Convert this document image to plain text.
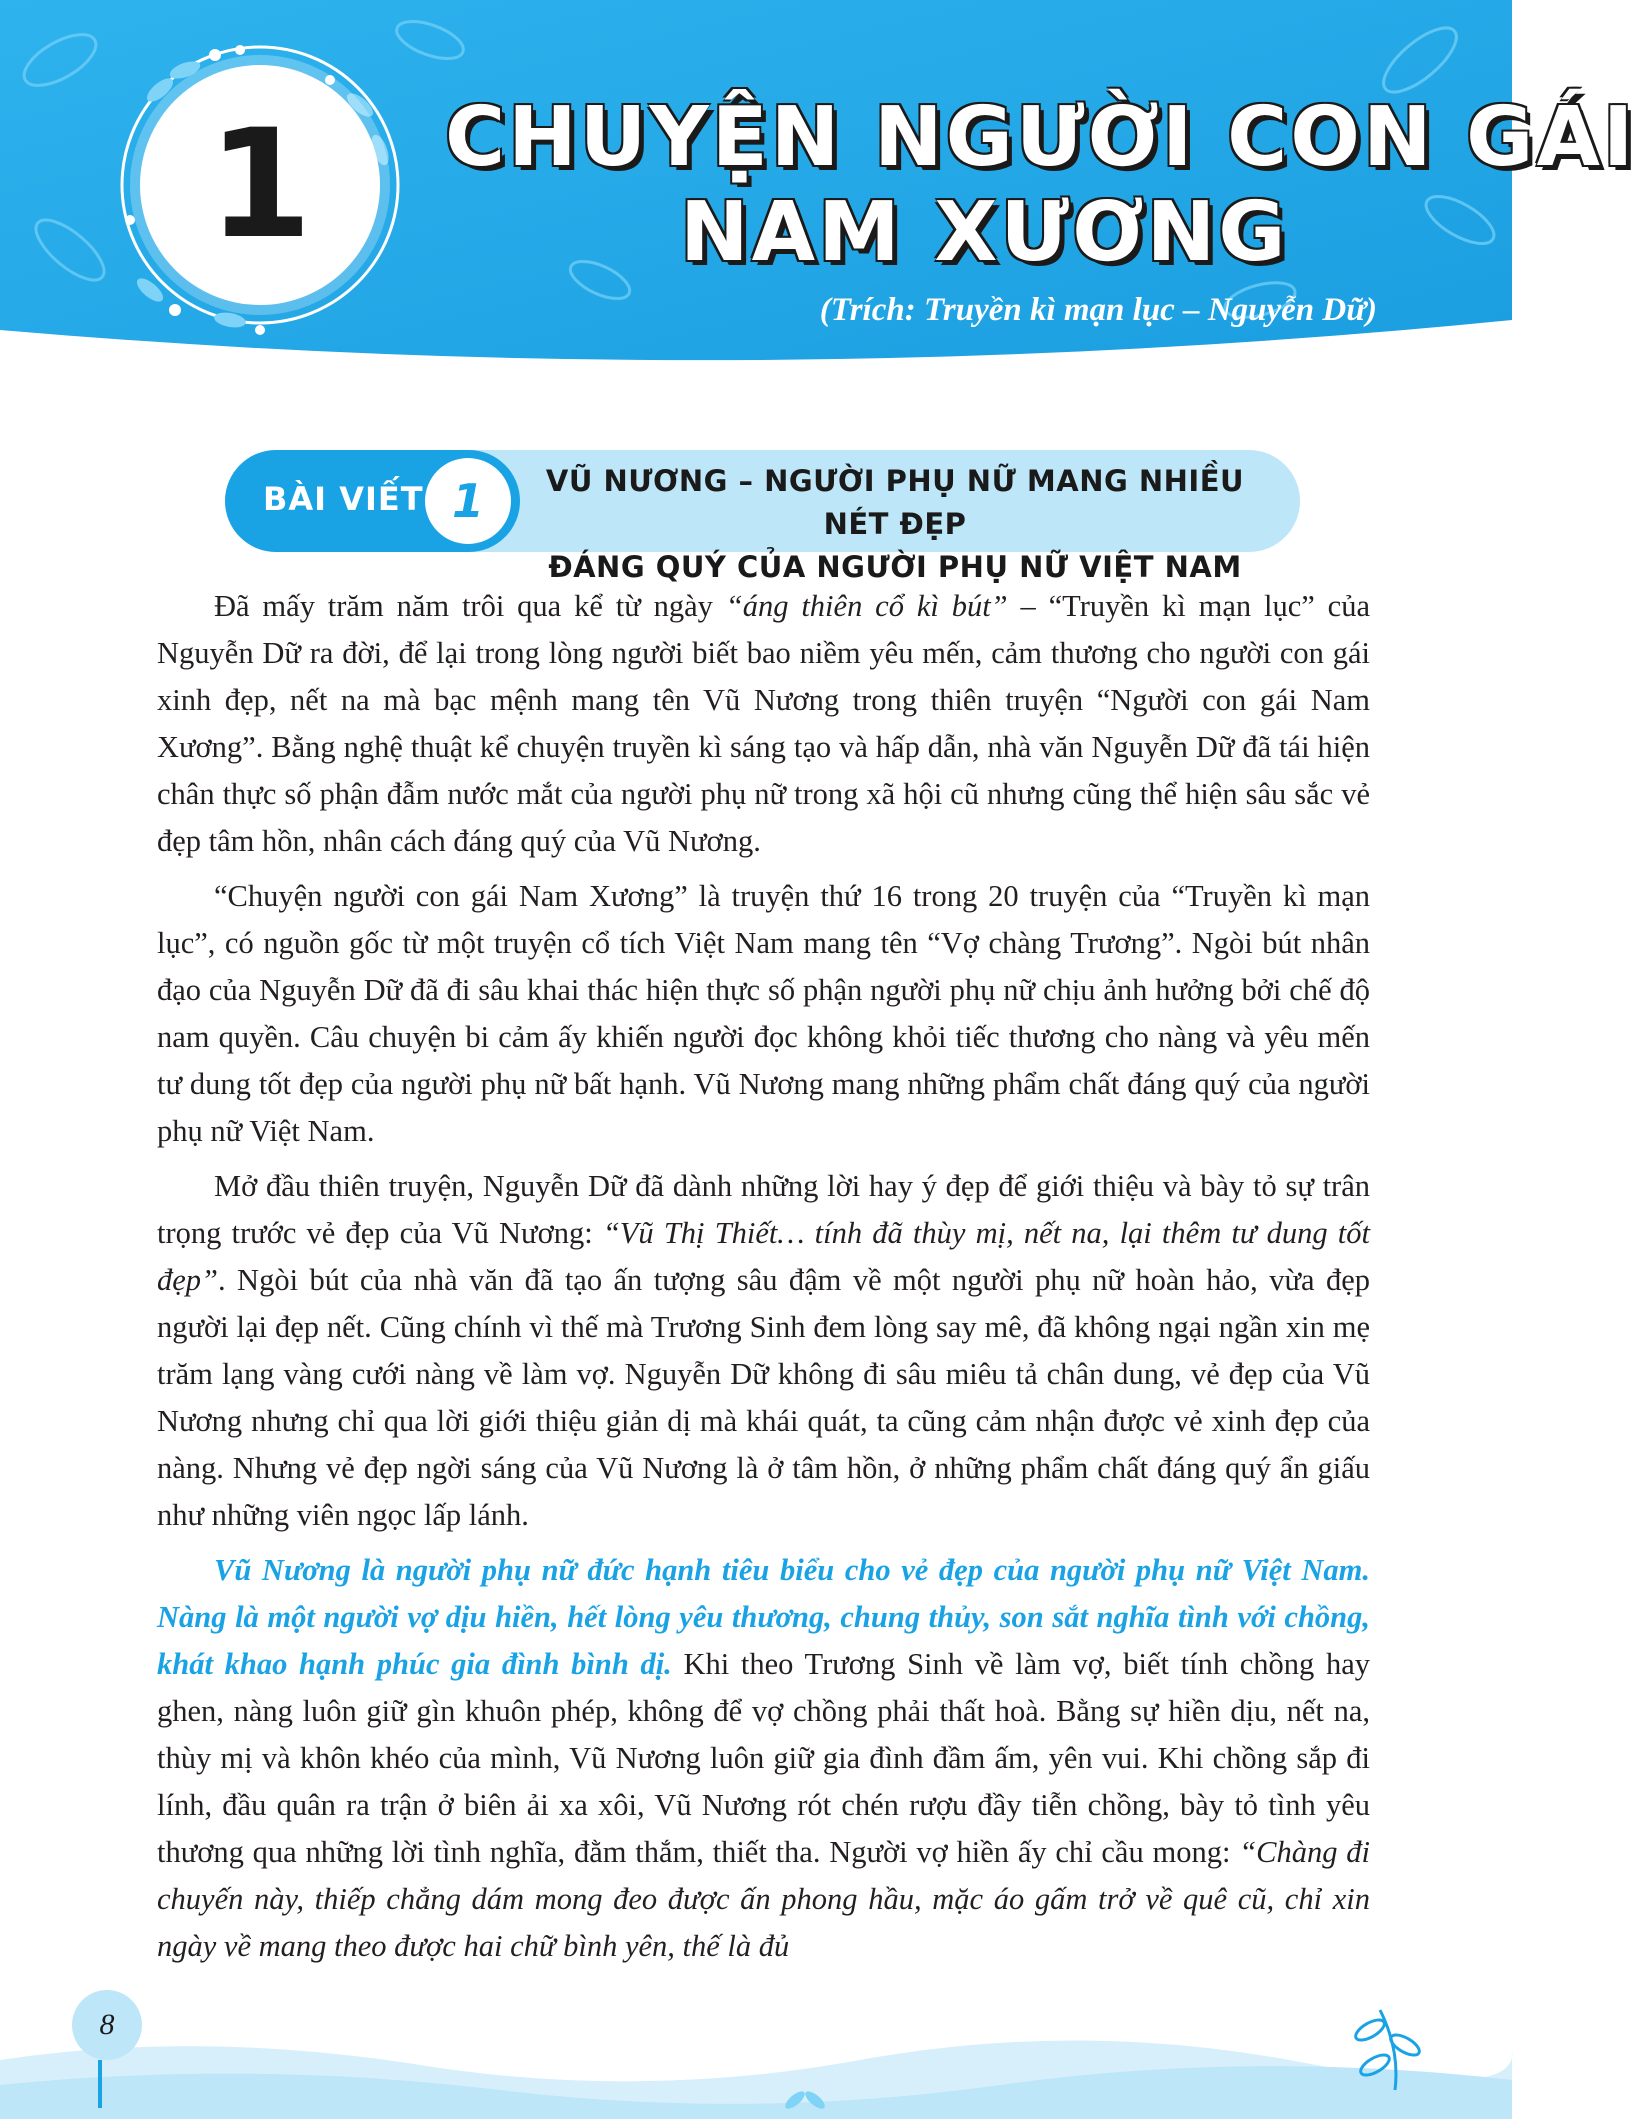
1 CHUYỆN NGƯỜI CON GÁI
NAM XƯƠNG
(Trích: Truyền kì mạn lục – Nguyễn Dữ)
BÀI VIẾT 1	VŨ NƯƠNG – NGƯỜI PHỤ NỮ MANG NHIỀU NÉT ĐẸP
ĐÁNG QUÝ CỦA NGƯỜI PHỤ NỮ VIỆT NAM

Đã mấy trăm năm trôi qua kể từ ngày “áng thiên cổ kì bút” – “Truyền kì mạn lục” của Nguyễn Dữ ra đời, để lại trong lòng người biết bao niềm yêu mến, cảm thương cho người con gái xinh đẹp, nết na mà bạc mệnh mang tên Vũ Nương trong thiên truyện “Người con gái Nam Xương”. Bằng nghệ thuật kể chuyện truyền kì sáng tạo và hấp dẫn, nhà văn Nguyễn Dữ đã tái hiện chân thực số phận đẫm nước mắt của người phụ nữ trong xã hội cũ nhưng cũng thể hiện sâu sắc vẻ đẹp tâm hồn, nhân cách đáng quý của Vũ Nương.

“Chuyện người con gái Nam Xương” là truyện thứ 16 trong 20 truyện của “Truyền kì mạn lục”, có nguồn gốc từ một truyện cổ tích Việt Nam mang tên “Vợ chàng Trương”. Ngòi bút nhân đạo của Nguyễn Dữ đã đi sâu khai thác hiện thực số phận người phụ nữ chịu ảnh hưởng bởi chế độ nam quyền. Câu chuyện bi cảm ấy khiến người đọc không khỏi tiếc thương cho nàng và yêu mến tư dung tốt đẹp của người phụ nữ bất hạnh. Vũ Nương mang những phẩm chất đáng quý của người phụ nữ Việt Nam.

Mở đầu thiên truyện, Nguyễn Dữ đã dành những lời hay ý đẹp để giới thiệu và bày tỏ sự trân trọng trước vẻ đẹp của Vũ Nương: “Vũ Thị Thiết… tính đã thùy mị, nết na, lại thêm tư dung tốt đẹp”. Ngòi bút của nhà văn đã tạo ấn tượng sâu đậm về một người phụ nữ hoàn hảo, vừa đẹp người lại đẹp nết. Cũng chính vì thế mà Trương Sinh đem lòng say mê, đã không ngại ngần xin mẹ trăm lạng vàng cưới nàng về làm vợ. Nguyễn Dữ không đi sâu miêu tả chân dung, vẻ đẹp của Vũ Nương nhưng chỉ qua lời giới thiệu giản dị mà khái quát, ta cũng cảm nhận được vẻ xinh đẹp của nàng. Nhưng vẻ đẹp ngời sáng của Vũ Nương là ở tâm hồn, ở những phẩm chất đáng quý ẩn giấu như những viên ngọc lấp lánh.

Vũ Nương là người phụ nữ đức hạnh tiêu biểu cho vẻ đẹp của người phụ nữ Việt Nam. Nàng là một người vợ dịu hiền, hết lòng yêu thương, chung thủy, son sắt nghĩa tình với chồng, khát khao hạnh phúc gia đình bình dị. Khi theo Trương Sinh về làm vợ, biết tính chồng hay ghen, nàng luôn giữ gìn khuôn phép, không để vợ chồng phải thất hoà. Bằng sự hiền dịu, nết na, thùy mị và khôn khéo của mình, Vũ Nương luôn giữ gia đình đầm ấm, yên vui. Khi chồng sắp đi lính, đầu quân ra trận ở biên ải xa xôi, Vũ Nương rót chén rượu đầy tiễn chồng, bày tỏ tình yêu thương qua những lời tình nghĩa, đằm thắm, thiết tha. Người vợ hiền ấy chỉ cầu mong: “Chàng đi chuyến này, thiếp chẳng dám mong đeo được ấn phong hầu, mặc áo gấm trở về quê cũ, chỉ xin ngày về mang theo được hai chữ bình yên, thế là đủ

8
